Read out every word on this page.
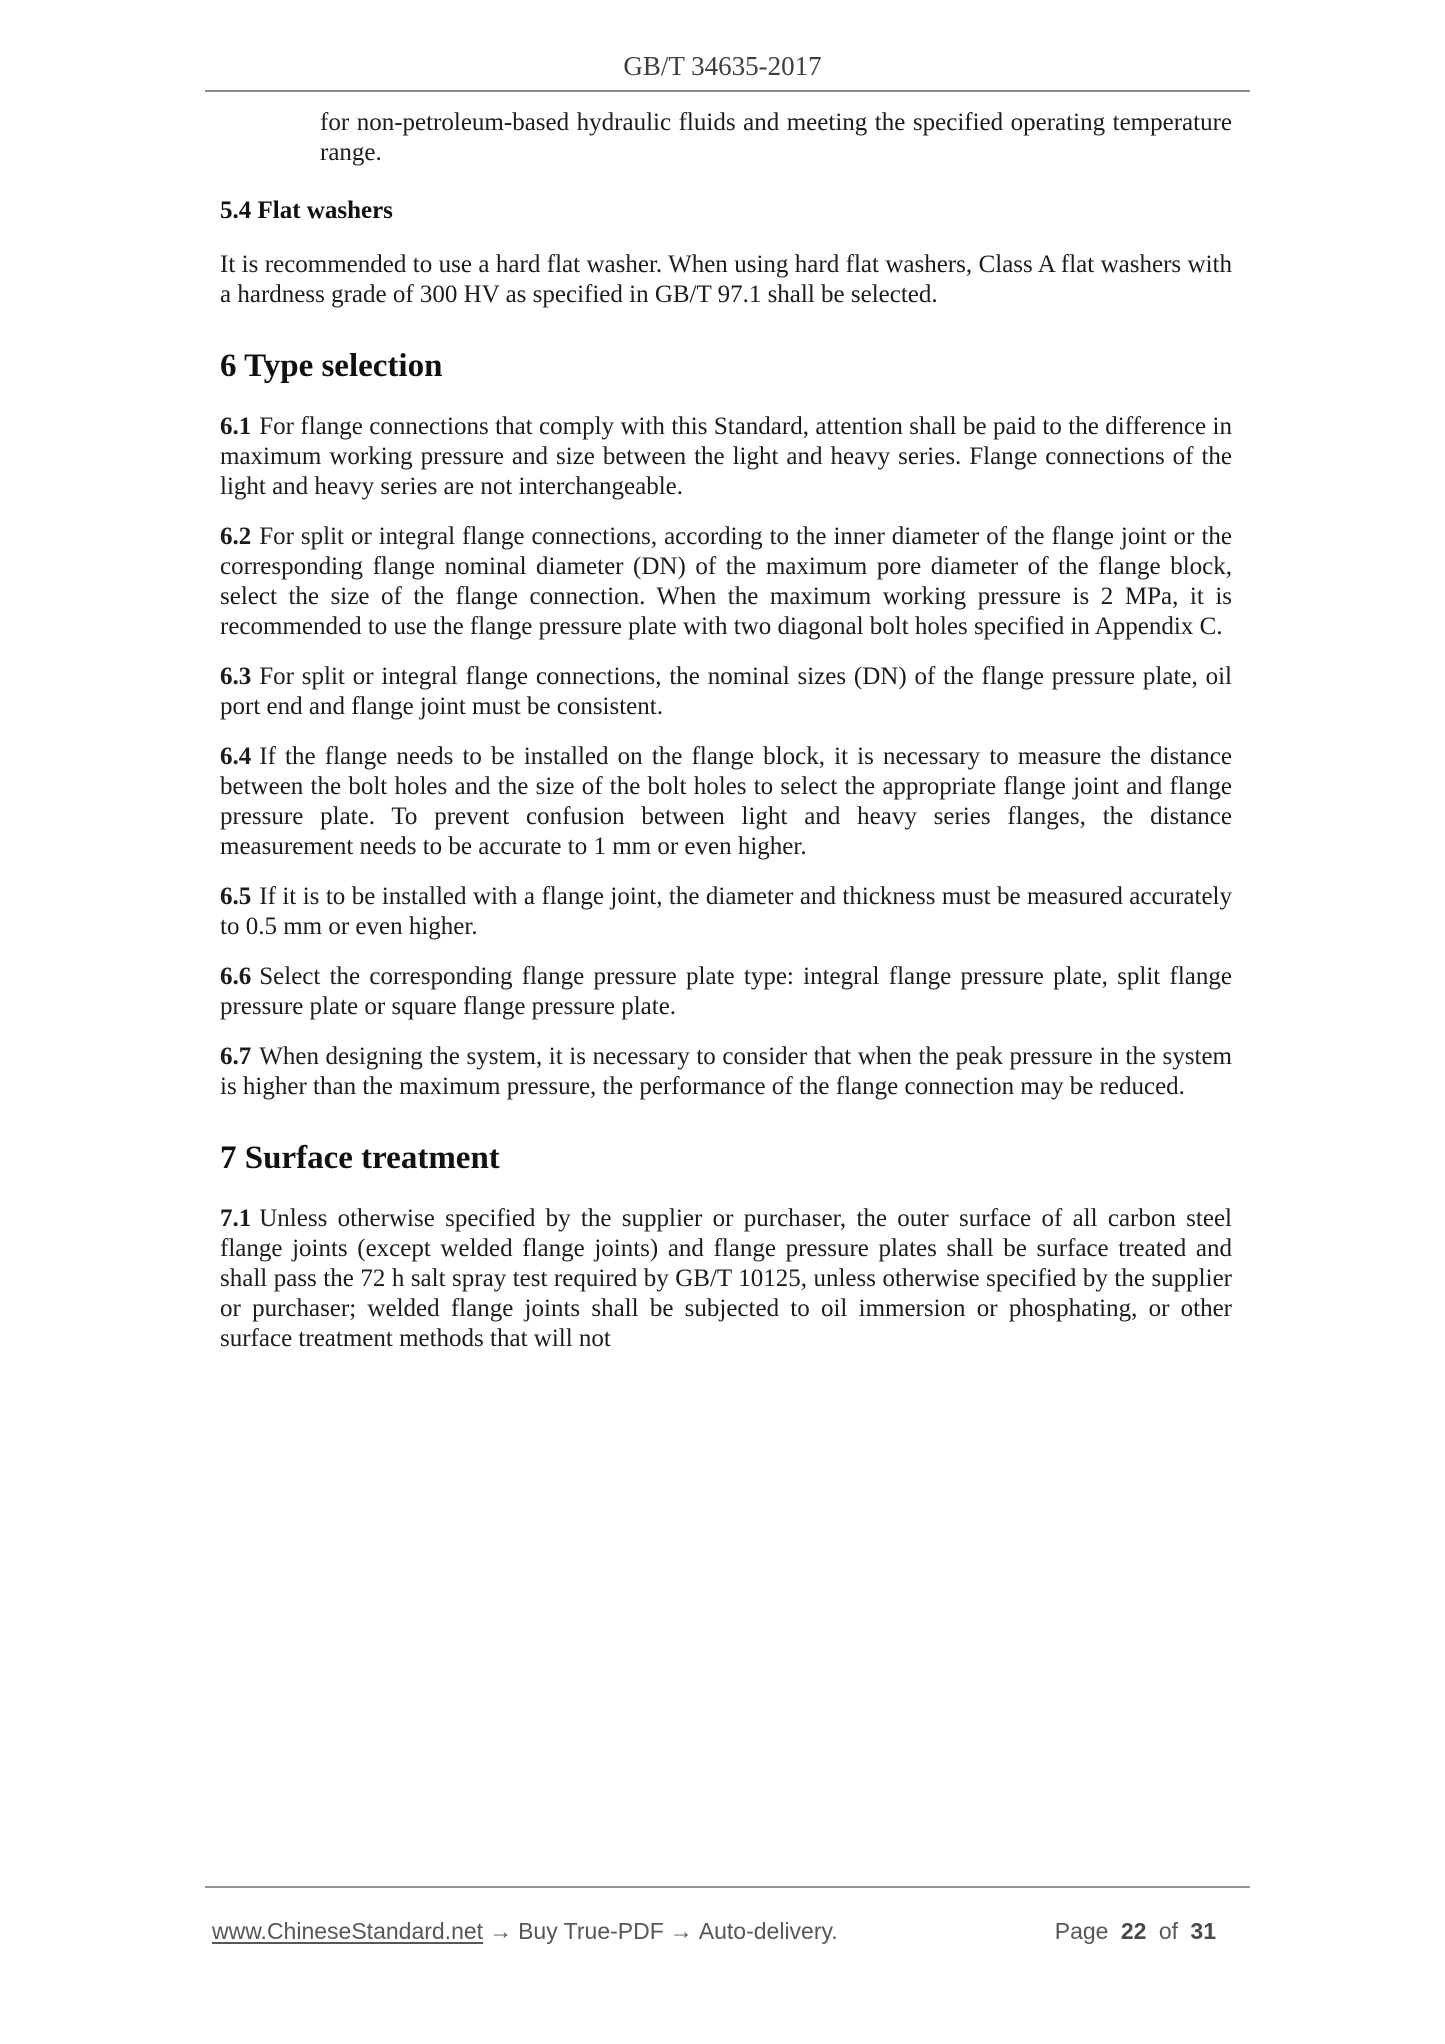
GB/T 34635-2017

for non-petroleum-based hydraulic fluids and meeting the specified operating temperature range.

5.4 Flat washers

It is recommended to use a hard flat washer. When using hard flat washers, Class A flat washers with a hardness grade of 300 HV as specified in GB/T 97.1 shall be selected.

6 Type selection

6.1 For flange connections that comply with this Standard, attention shall be paid to the difference in maximum working pressure and size between the light and heavy series. Flange connections of the light and heavy series are not interchangeable.

6.2 For split or integral flange connections, according to the inner diameter of the flange joint or the corresponding flange nominal diameter (DN) of the maximum pore diameter of the flange block, select the size of the flange connection. When the maximum working pressure is 2 MPa, it is recommended to use the flange pressure plate with two diagonal bolt holes specified in Appendix C.

6.3 For split or integral flange connections, the nominal sizes (DN) of the flange pressure plate, oil port end and flange joint must be consistent.

6.4 If the flange needs to be installed on the flange block, it is necessary to measure the distance between the bolt holes and the size of the bolt holes to select the appropriate flange joint and flange pressure plate. To prevent confusion between light and heavy series flanges, the distance measurement needs to be accurate to 1 mm or even higher.

6.5 If it is to be installed with a flange joint, the diameter and thickness must be measured accurately to 0.5 mm or even higher.

6.6 Select the corresponding flange pressure plate type: integral flange pressure plate, split flange pressure plate or square flange pressure plate.

6.7 When designing the system, it is necessary to consider that when the peak pressure in the system is higher than the maximum pressure, the performance of the flange connection may be reduced.

7 Surface treatment

7.1 Unless otherwise specified by the supplier or purchaser, the outer surface of all carbon steel flange joints (except welded flange joints) and flange pressure plates shall be surface treated and shall pass the 72 h salt spray test required by GB/T 10125, unless otherwise specified by the supplier or purchaser; welded flange joints shall be subjected to oil immersion or phosphating, or other surface treatment methods that will not

www.ChineseStandard.net → Buy True-PDF → Auto-delivery.	Page 22 of 31
